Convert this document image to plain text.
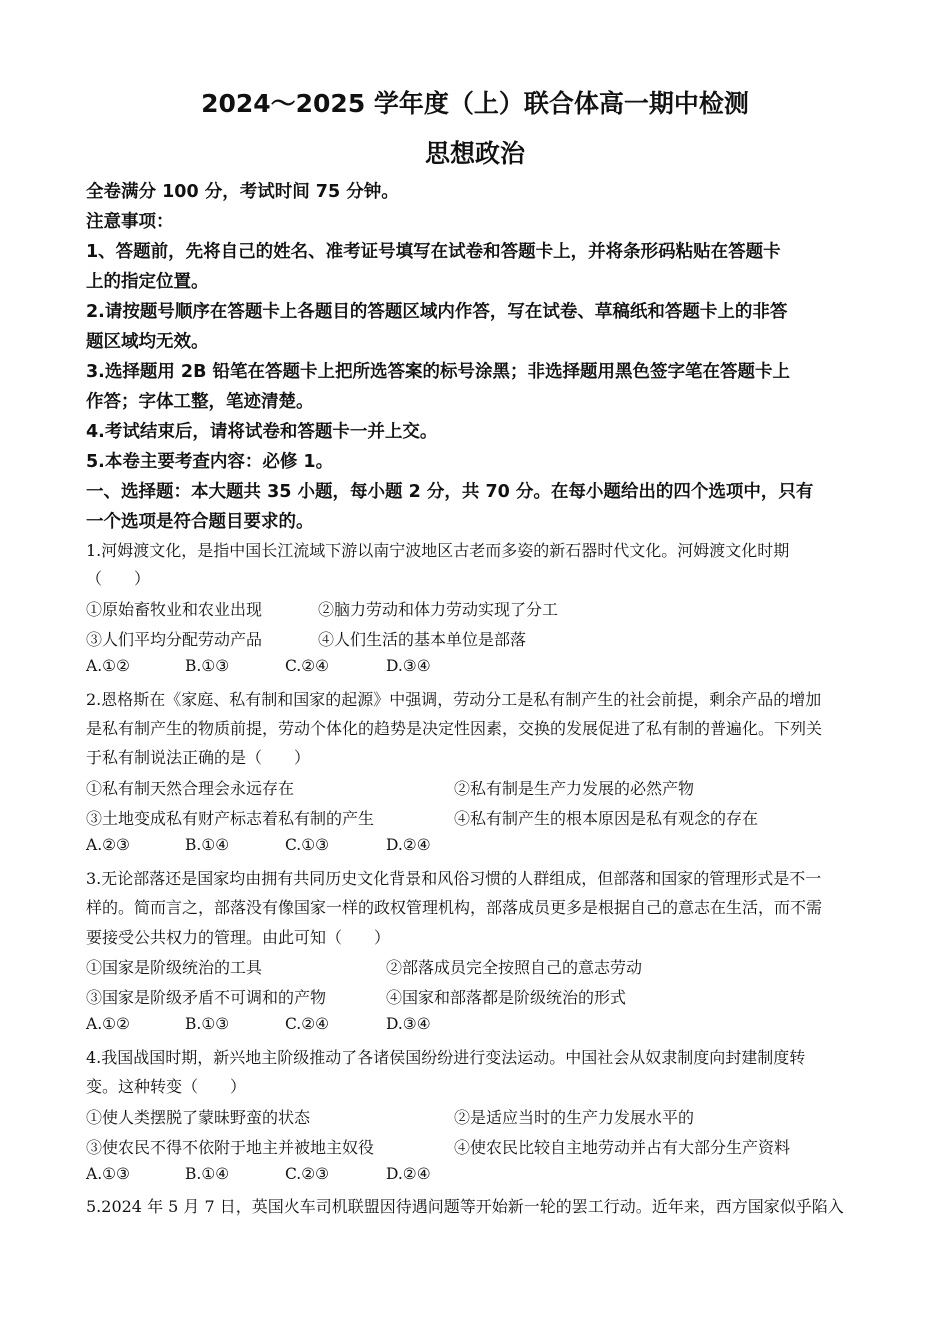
2024～2025 学年度（上）联合体高一期中检测
思想政治
全卷满分 100 分，考试时间 75 分钟。
注意事项：
1、答题前，先将自己的姓名、准考证号填写在试卷和答题卡上，并将条形码粘贴在答题卡
上的指定位置。
2.请按题号顺序在答题卡上各题目的答题区域内作答，写在试卷、草稿纸和答题卡上的非答
题区域均无效。
3.选择题用 2B 铅笔在答题卡上把所选答案的标号涂黑；非选择题用黑色签字笔在答题卡上
作答；字体工整，笔迹清楚。
4.考试结束后，请将试卷和答题卡一并上交。
5.本卷主要考查内容：必修 1。
一、选择题：本大题共 35 小题，每小题 2 分，共 70 分。在每小题给出的四个选项中，只有
一个选项是符合题目要求的。
1.河姆渡文化，是指中国长江流域下游以南宁波地区古老而多姿的新石器时代文化。河姆渡文化时期
（　　）
①原始畜牧业和农业出现	②脑力劳动和体力劳动实现了分工
③人们平均分配劳动产品	④人们生活的基本单位是部落
A.①②	B.①③	C.②④	D.③④
2.恩格斯在《家庭、私有制和国家的起源》中强调，劳动分工是私有制产生的社会前提，剩余产品的增加
是私有制产生的物质前提，劳动个体化的趋势是决定性因素，交换的发展促进了私有制的普遍化。下列关
于私有制说法正确的是（　　）
①私有制天然合理会永远存在	②私有制是生产力发展的必然产物
③土地变成私有财产标志着私有制的产生	④私有制产生的根本原因是私有观念的存在
A.②③	B.①④	C.①③	D.②④
3.无论部落还是国家均由拥有共同历史文化背景和风俗习惯的人群组成，但部落和国家的管理形式是不一
样的。简而言之，部落没有像国家一样的政权管理机构，部落成员更多是根据自己的意志在生活，而不需
要接受公共权力的管理。由此可知（　　）
①国家是阶级统治的工具	②部落成员完全按照自己的意志劳动
③国家是阶级矛盾不可调和的产物	④国家和部落都是阶级统治的形式
A.①②	B.①③	C.②④	D.③④
4.我国战国时期，新兴地主阶级推动了各诸侯国纷纷进行变法运动。中国社会从奴隶制度向封建制度转
变。这种转变（　　）
①使人类摆脱了蒙昧野蛮的状态	②是适应当时的生产力发展水平的
③使农民不得不依附于地主并被地主奴役	④使农民比较自主地劳动并占有大部分生产资料
A.①③	B.①④	C.②③	D.②④
5.2024 年 5 月 7 日，英国火车司机联盟因待遇问题等开始新一轮的罢工行动。近年来，西方国家似乎陷入
